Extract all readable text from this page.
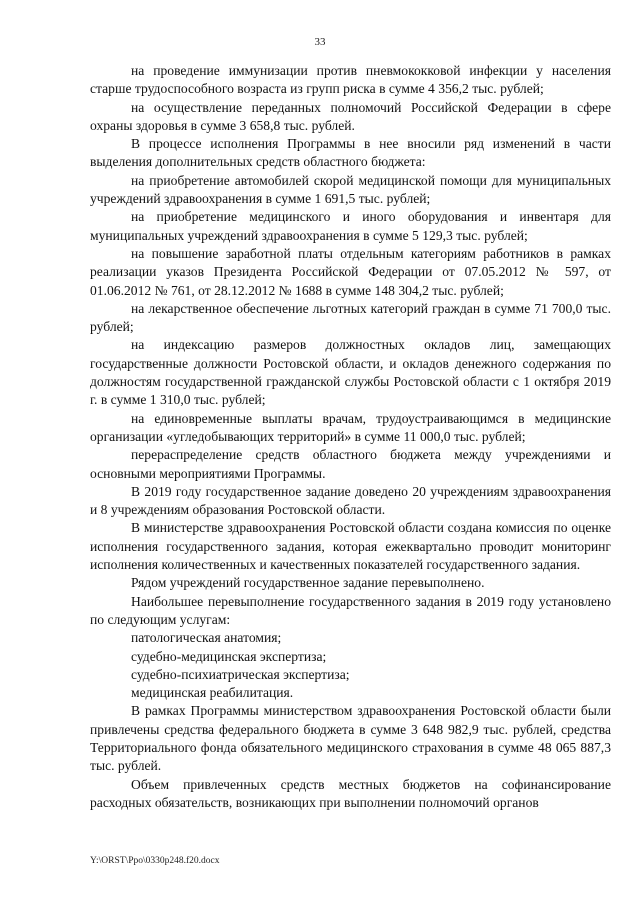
33

на проведение иммунизации против пневмококковой инфекции у населения старше трудоспособного возраста из групп риска в сумме 4 356,2 тыс. рублей;

на осуществление переданных полномочий Российской Федерации в сфере охраны здоровья в сумме 3 658,8 тыс. рублей.

В процессе исполнения Программы в нее вносили ряд изменений в части выделения дополнительных средств областного бюджета:

на приобретение автомобилей скорой медицинской помощи для муниципальных учреждений здравоохранения в сумме 1 691,5 тыс. рублей;

на приобретение медицинского и иного оборудования и инвентаря для муниципальных учреждений здравоохранения в сумме 5 129,3 тыс. рублей;

на повышение заработной платы отдельным категориям работников в рамках реализации указов Президента Российской Федерации от 07.05.2012 № 597, от 01.06.2012 № 761, от 28.12.2012 № 1688 в сумме 148 304,2 тыс. рублей;

на лекарственное обеспечение льготных категорий граждан в сумме 71 700,0 тыс. рублей;

на индексацию размеров должностных окладов лиц, замещающих государственные должности Ростовской области, и окладов денежного содержания по должностям государственной гражданской службы Ростовской области с 1 октября 2019 г. в сумме 1 310,0 тыс. рублей;

на единовременные выплаты врачам, трудоустраивающимся в медицинские организации «угледобывающих территорий» в сумме 11 000,0 тыс. рублей;

перераспределение средств областного бюджета между учреждениями и основными мероприятиями Программы.

В 2019 году государственное задание доведено 20 учреждениям здравоохранения и 8 учреждениям образования Ростовской области.

В министерстве здравоохранения Ростовской области создана комиссия по оценке исполнения государственного задания, которая ежеквартально проводит мониторинг исполнения количественных и качественных показателей государственного задания.

Рядом учреждений государственное задание перевыполнено.

Наибольшее перевыполнение государственного задания в 2019 году установлено по следующим услугам:

патологическая анатомия;

судебно-медицинская экспертиза;

судебно-психиатрическая экспертиза;

медицинская реабилитация.

В рамках Программы министерством здравоохранения Ростовской области были привлечены средства федерального бюджета в сумме 3 648 982,9 тыс. рублей, средства Территориального фонда обязательного медицинского страхования в сумме 48 065 887,3 тыс. рублей.

Объем привлеченных средств местных бюджетов на софинансирование расходных обязательств, возникающих при выполнении полномочий органов

Y:\ORST\Ppo\0330p248.f20.docx
